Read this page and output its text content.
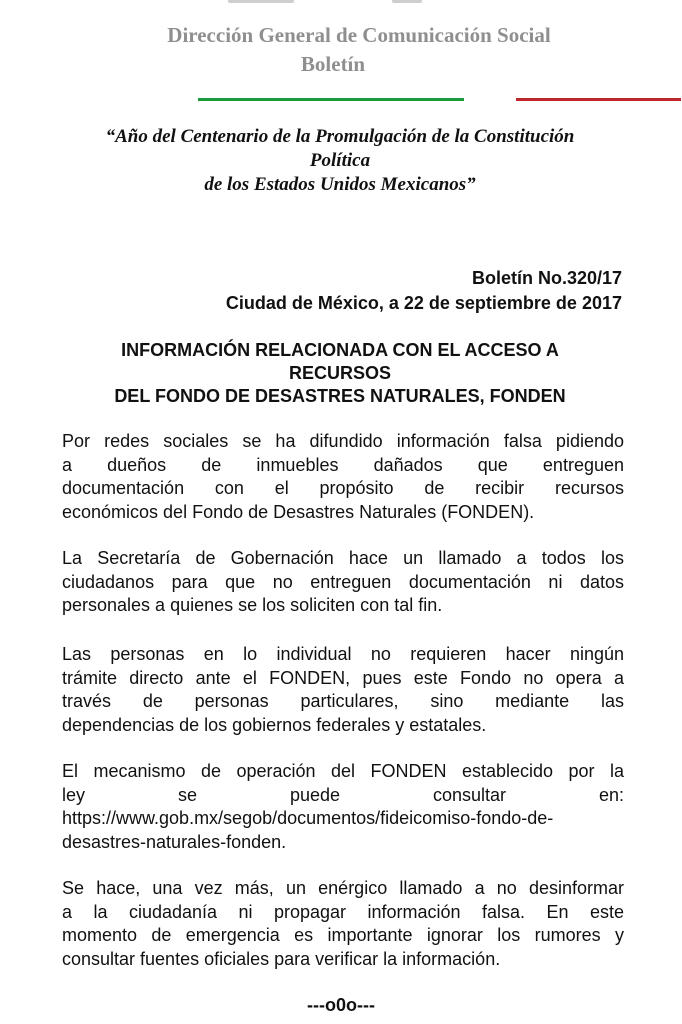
Dirección General de Comunicación Social
Boletín
“Año del Centenario de la Promulgación de la Constitución
Política
de los Estados Unidos Mexicanos”
Boletín No.320/17
Ciudad de México, a 22 de septiembre de 2017
INFORMACIÓN RELACIONADA CON EL ACCESO A
RECURSOS
DEL FONDO DE DESASTRES NATURALES, FONDEN
Por redes sociales se ha difundido información falsa pidiendo
a dueños de inmuebles dañados que entreguen
documentación con el propósito de recibir recursos
económicos del Fondo de Desastres Naturales (FONDEN).
La Secretaría de Gobernación hace un llamado a todos los
ciudadanos para que no entreguen documentación ni datos
personales a quienes se los soliciten con tal fin.
Las personas en lo individual no requieren hacer ningún
trámite directo ante el FONDEN, pues este Fondo no opera a
través de personas particulares, sino mediante las
dependencias de los gobiernos federales y estatales.
El mecanismo de operación del FONDEN establecido por la
ley se puede consultar en:
https://www.gob.mx/segob/documentos/fideicomiso-fondo-de-
desastres-naturales-fonden.
Se hace, una vez más, un enérgico llamado a no desinformar
a la ciudadanía ni propagar información falsa. En este
momento de emergencia es importante ignorar los rumores y
consultar fuentes oficiales para verificar la información.
---o0o---
